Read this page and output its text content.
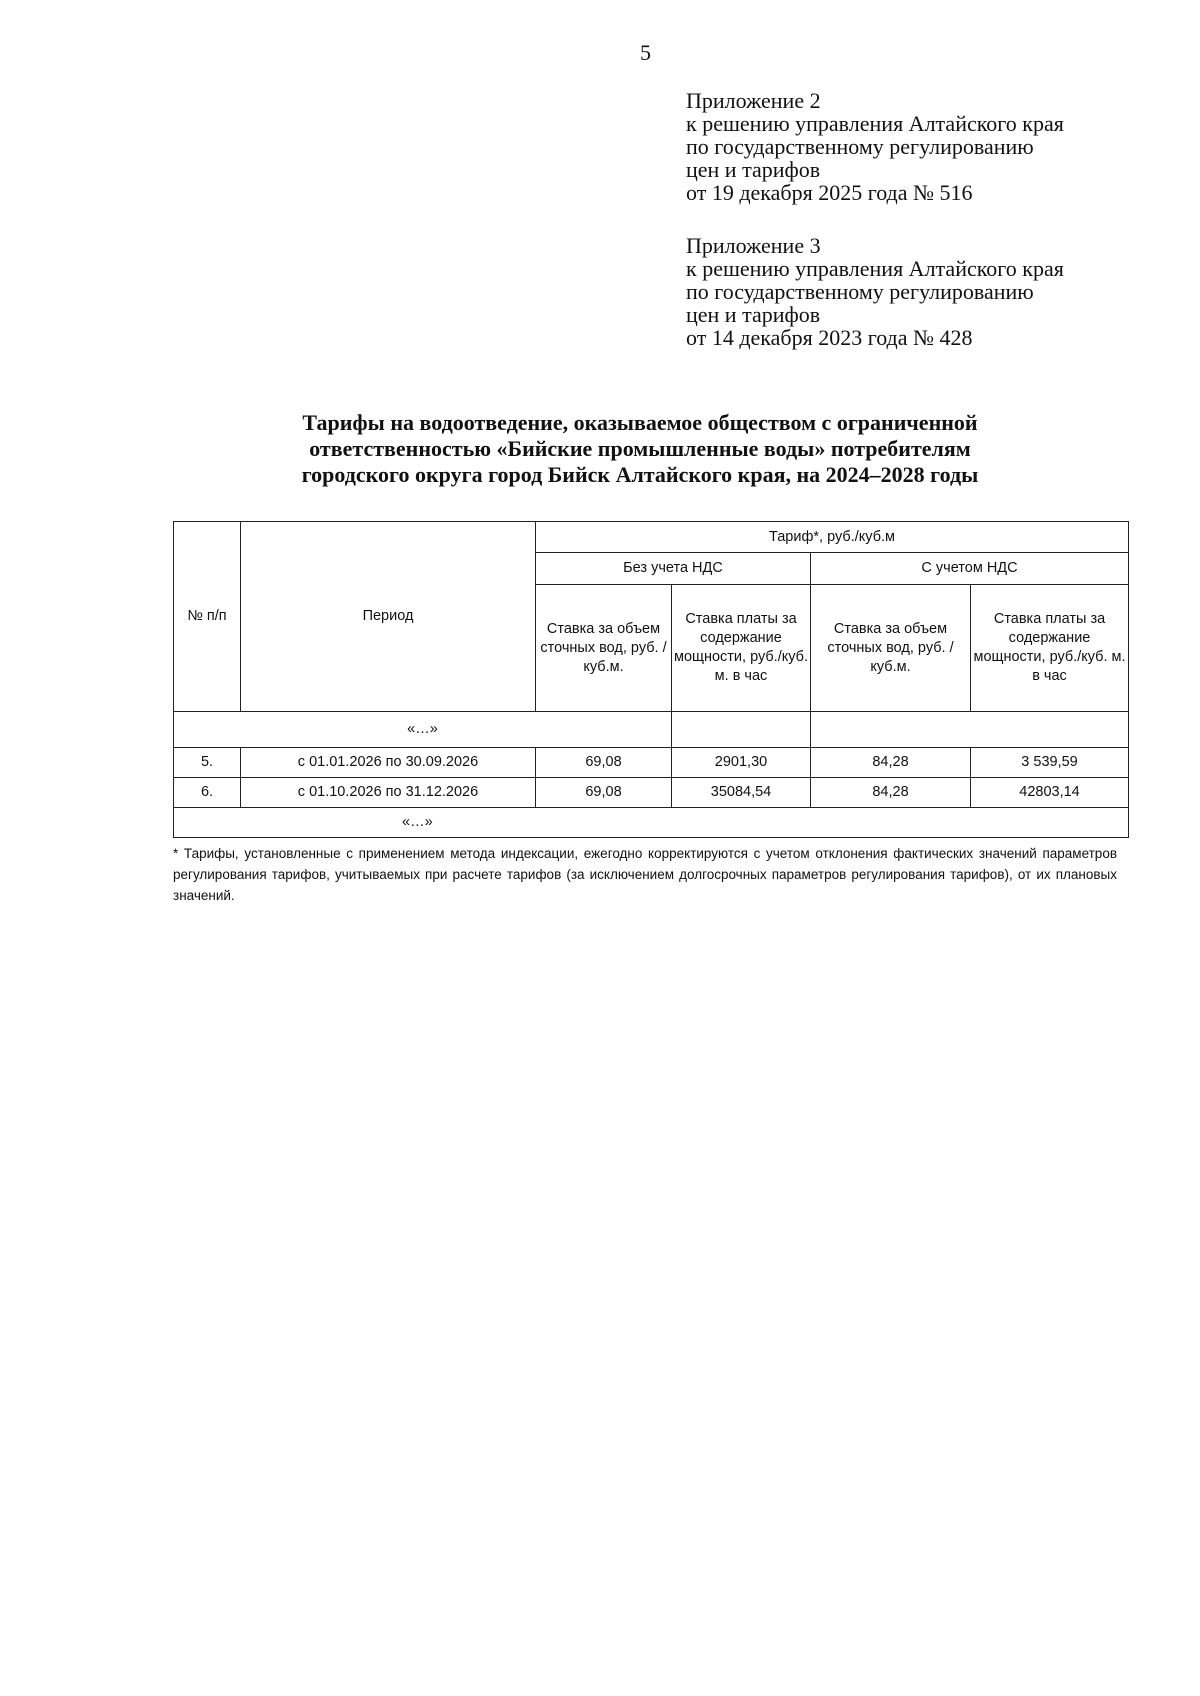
5
Приложение 2
к решению управления Алтайского края
по государственному регулированию
цен и тарифов
от 19 декабря 2025 года № 516
Приложение 3
к решению управления Алтайского края
по государственному регулированию
цен и тарифов
от 14 декабря 2023 года № 428
Тарифы на водоотведение, оказываемое обществом с ограниченной
ответственностью «Бийские промышленные воды» потребителям
городского округа город Бийск Алтайского края, на 2024–2028 годы
№ п/п	Период	Тариф*, руб./куб.м			
		Без учета НДС		С учетом НДС	
		Ставка за объем сточных вод, руб. /куб.м.	Ставка платы за содержание мощности, руб./куб. м. в час	Ставка за объем сточных вод, руб. /куб.м.	Ставка платы за содержание мощности, руб./куб. м. в час
«…»					
5.	с 01.01.2026 по 30.09.2026	69,08	2901,30	84,28	3 539,59
6.	с 01.10.2026 по 31.12.2026	69,08	35084,54	84,28	42803,14
«…»					
* Тарифы, установленные с применением метода индексации, ежегодно корректируются с учетом отклонения фактических значений параметров регулирования тарифов, учитываемых при расчете тарифов (за исключением долгосрочных параметров регулирования тарифов), от их плановых значений.
